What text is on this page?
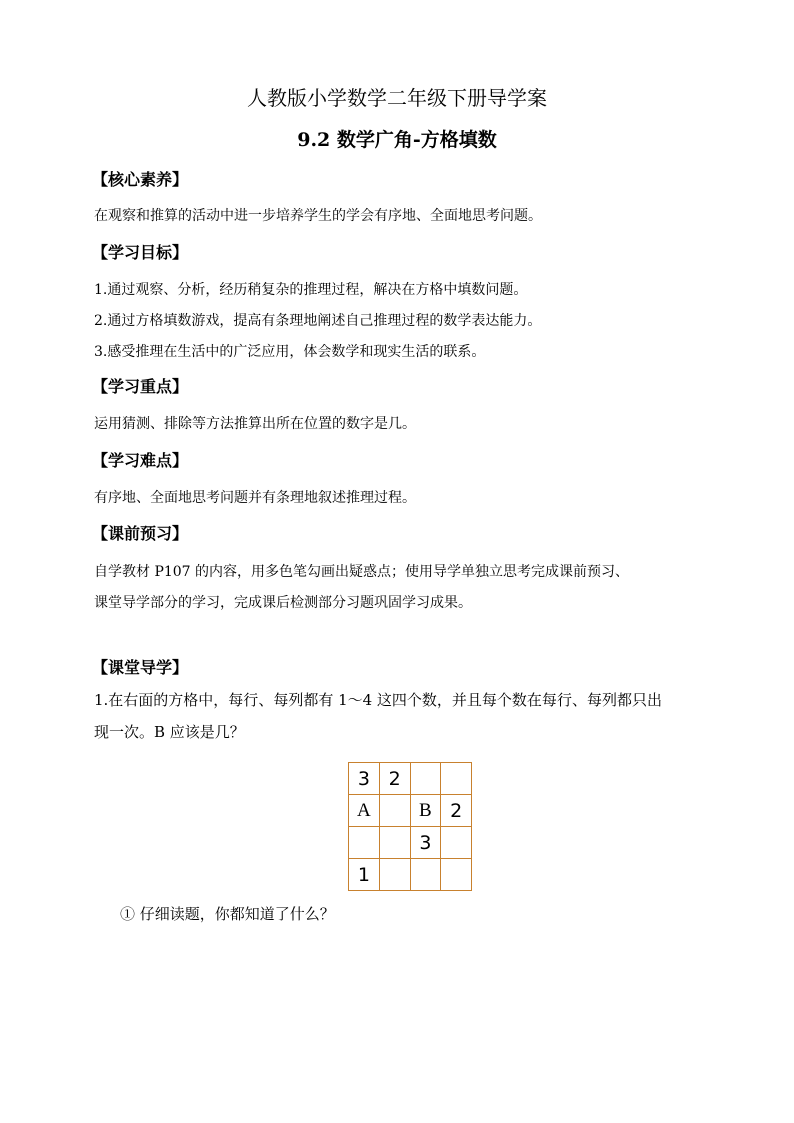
人教版小学数学二年级下册导学案
9.2 数学广角-方格填数
【核心素养】
在观察和推算的活动中进一步培养学生的学会有序地、全面地思考问题。
【学习目标】
1.通过观察、分析，经历稍复杂的推理过程，解决在方格中填数问题。
2.通过方格填数游戏，提高有条理地阐述自己推理过程的数学表达能力。
3.感受推理在生活中的广泛应用，体会数学和现实生活的联系。
【学习重点】
运用猜测、排除等方法推算出所在位置的数字是几。
【学习难点】
有序地、全面地思考问题并有条理地叙述推理过程。
【课前预习】
自学教材 P107 的内容，用多色笔勾画出疑惑点；使用导学单独立思考完成课前预习、
课堂导学部分的学习，完成课后检测部分习题巩固学习成果。
【课堂导学】
1.在右面的方格中，每行、每列都有 1～4 这四个数，并且每个数在每行、每列都只出
现一次。B 应该是几？
3	2		
A		B	2
		3	
1			
① 仔细读题，你都知道了什么？
